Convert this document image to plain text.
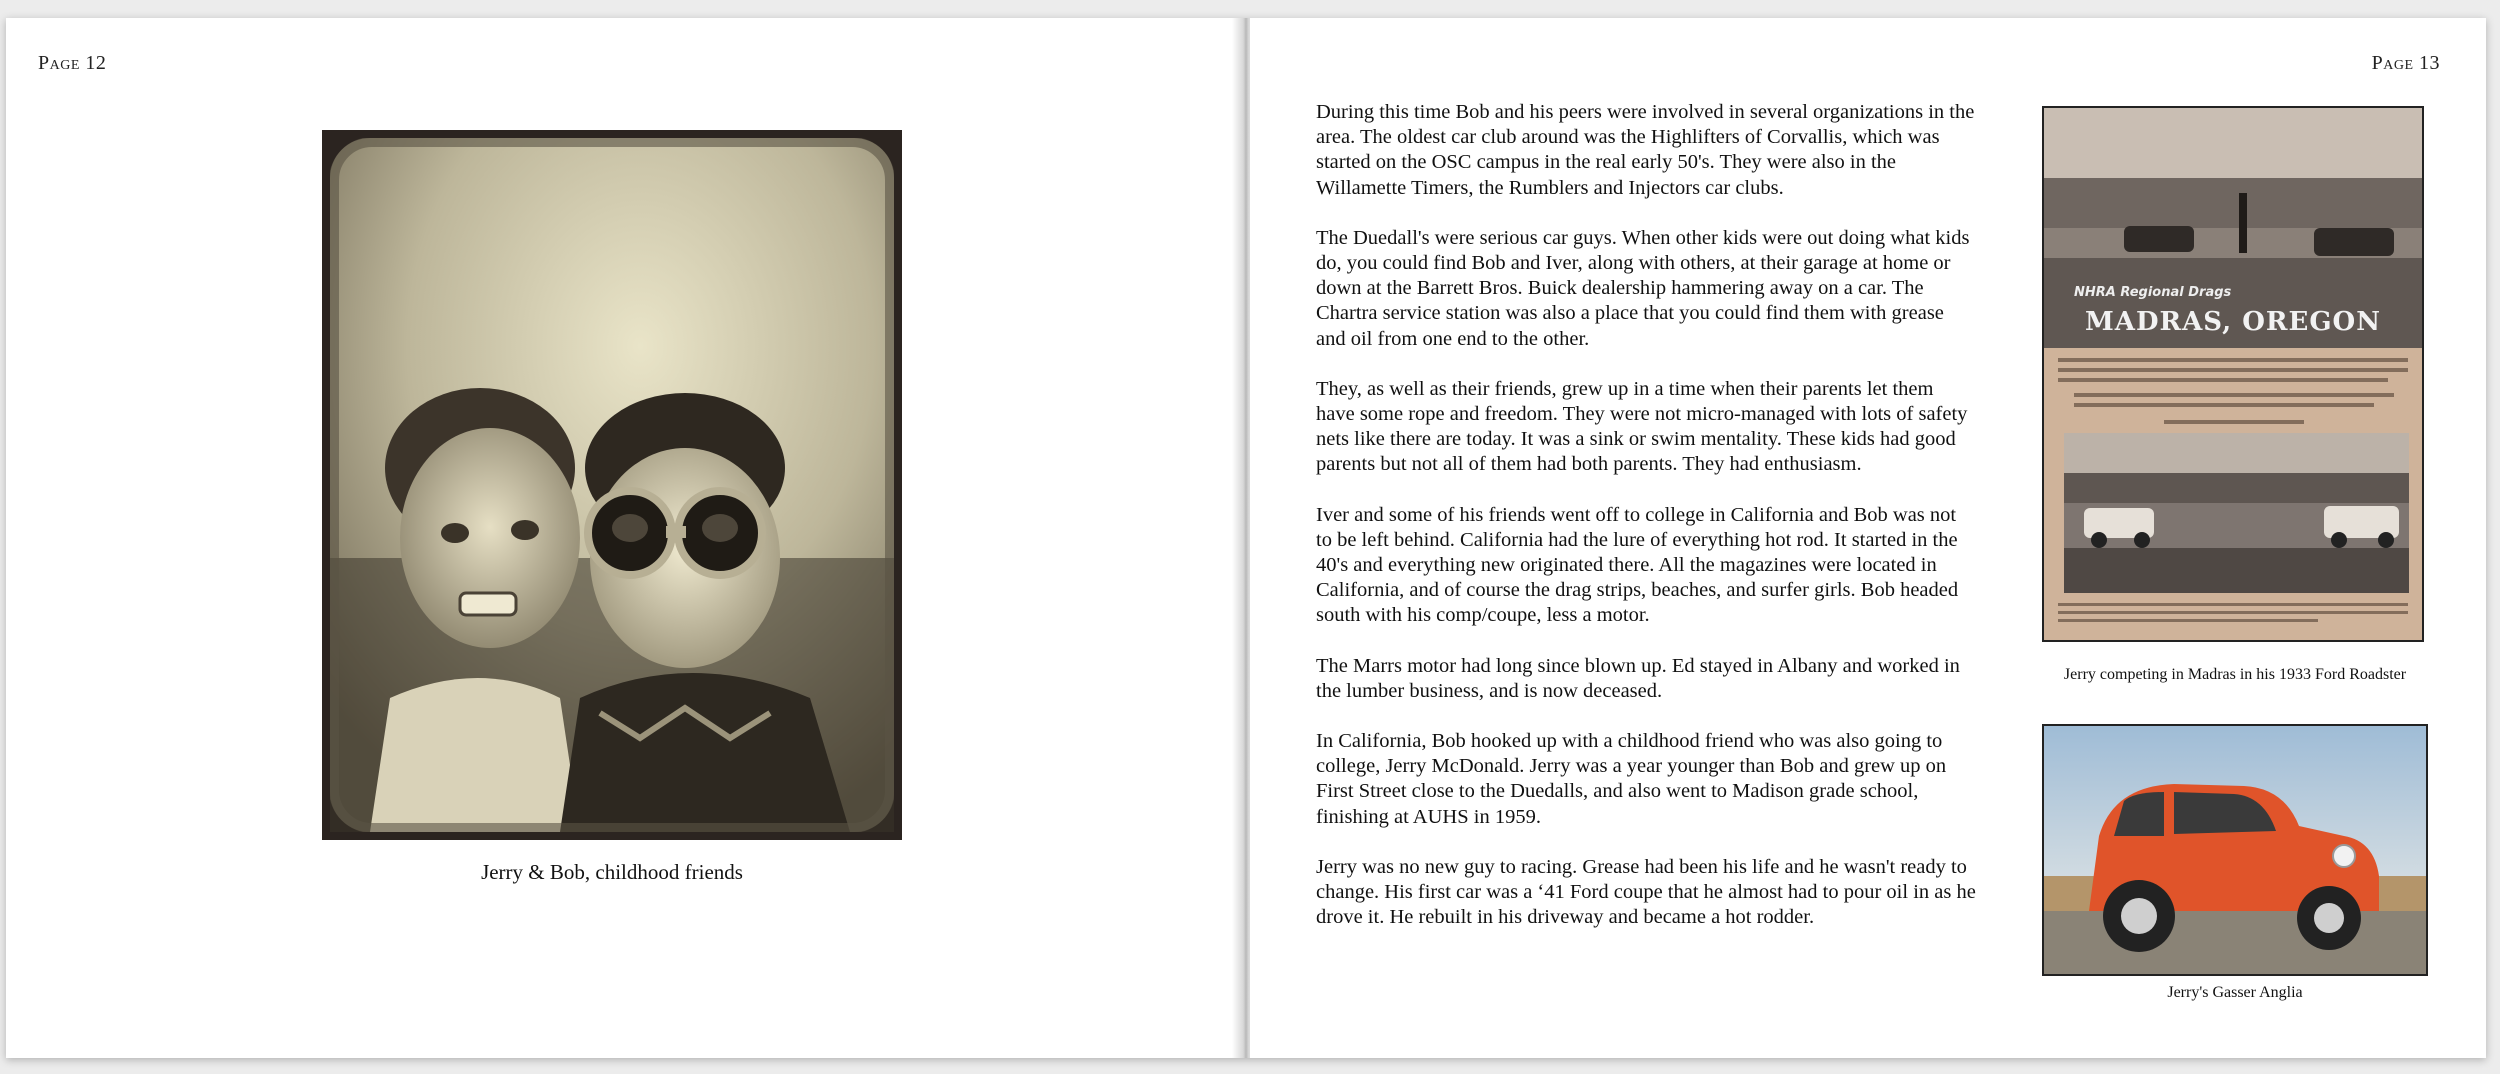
Page 12
Jerry & Bob, childhood friends
Page 13

During this time Bob and his peers were involved in several organizations in the area. The oldest car club around was the Highlifters of Corvallis, which was started on the OSC campus in the real early 50's. They were also in the Willamette Timers, the Rumblers and Injectors car clubs.

The Duedall's were serious car guys. When other kids were out doing what kids do, you could find Bob and Iver, along with others, at their garage at home or down at the Barrett Bros. Buick dealership hammering away on a car. The Chartra service station was also a place that you could find them with grease and oil from one end to the other.

They, as well as their friends, grew up in a time when their parents let them have some rope and freedom. They were not micro-managed with lots of safety nets like there are today. It was a sink or swim mentality. These kids had good parents but not all of them had both parents. They had enthusiasm.

Iver and some of his friends went off to college in California and Bob was not to be left behind. California had the lure of everything hot rod. It started in the 40's and everything new originated there. All the magazines were located in California, and of course the drag strips, beaches, and surfer girls. Bob headed south with his comp/coupe, less a motor.

The Marrs motor had long since blown up. Ed stayed in Albany and worked in the lumber business, and is now deceased.

In California, Bob hooked up with a childhood friend who was also going to college, Jerry McDonald. Jerry was a year younger than Bob and grew up on First Street close to the Duedalls, and also went to Madison grade school, finishing at AUHS in 1959.

Jerry was no new guy to racing. Grease had been his life and he wasn't ready to change. His first car was a ‘41 Ford coupe that he almost had to pour oil in as he drove it. He rebuilt in his driveway and became a hot rodder.

NHRA Regional Drags
MADRAS, OREGON
Jerry competing in Madras in his 1933 Ford Roadster
Jerry's Gasser Anglia
